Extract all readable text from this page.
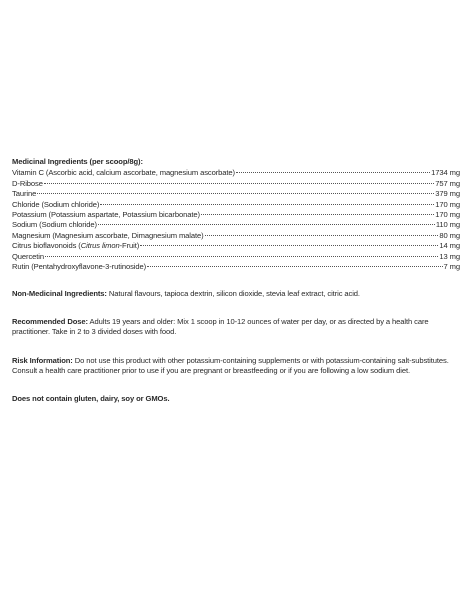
Medicinal Ingredients (per scoop/8g):
Vitamin C (Ascorbic acid, calcium ascorbate, magnesium ascorbate)	1734 mg
D-Ribose	757 mg
Taurine	379 mg
Chloride (Sodium chloride)	170 mg
Potassium (Potassium aspartate, Potassium bicarbonate)	170 mg
Sodium (Sodium chloride)	110 mg
Magnesium (Magnesium ascorbate, Dimagnesium malate)	80 mg
Citrus bioflavonoids (Citrus limon-Fruit)	14 mg
Quercetin	13 mg
Rutin (Pentahydroxyflavone-3-rutinoside)	7 mg

Non-Medicinal Ingredients: Natural flavours, tapioca dextrin, silicon dioxide, stevia leaf extract, citric acid.

Recommended Dose: Adults 19 years and older: Mix 1 scoop in 10-12 ounces of water per day, or as directed by a health care practitioner. Take in 2 to 3 divided doses with food.

Risk Information: Do not use this product with other potassium-containing supplements or with potassium-containing salt-substitutes. Consult a health care practitioner prior to use if you are pregnant or breastfeeding or if you are following a low sodium diet.

Does not contain gluten, dairy, soy or GMOs.
